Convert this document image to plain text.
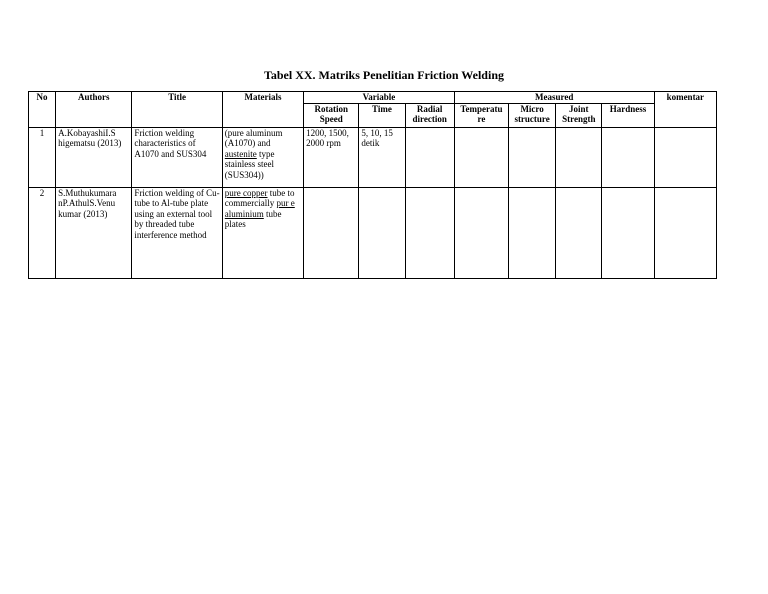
Tabel XX. Matriks Penelitian Friction Welding
No	Authors	Title	Materials	Variable			Measured				komentar
				Rotation Speed	Time	Radial direction	Temperatu re	Micro structure	Joint Strength	Hardness	
1	A.KobayashiI.S higematsu (2013)	Friction welding characteristics of A1070 and SUS304	(pure aluminum (A1070) and austenite type stainless steel (SUS304))	1200, 1500, 2000 rpm	5, 10, 15 detik						
2	S.Muthukumara nP.AthulS.Venu kumar (2013)	Friction welding of Cu-tube to Al-tube plate using an external tool by threaded tube interference method	pure copper tube to commercially pur e aluminium tube plates								
